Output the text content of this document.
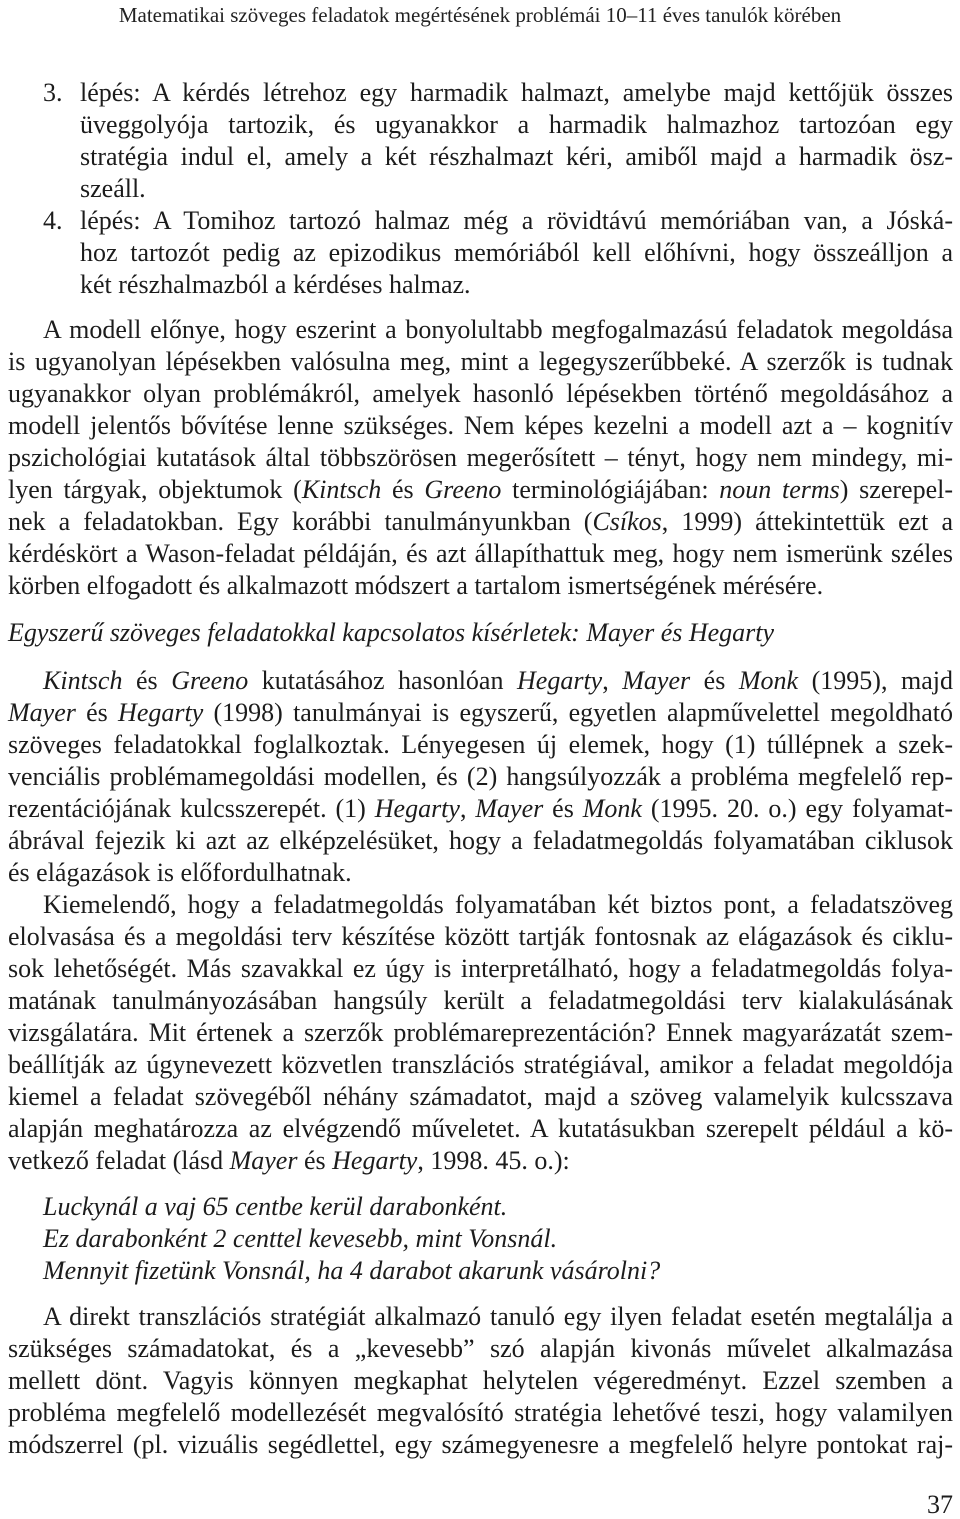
Matematikai szöveges feladatok megértésének problémái 10–11 éves tanulók körében
3. lépés: A kérdés létrehoz egy harmadik halmazt, amelybe majd kettőjük összes
üveggolyója tartozik, és ugyanakkor a harmadik halmazhoz tartozóan egy
stratégia indul el, amely a két részhalmazt kéri, amiből majd a harmadik ösz-
szeáll.
4. lépés: A Tomihoz tartozó halmaz még a rövidtávú memóriában van, a Jóská-
hoz tartozót pedig az epizodikus memóriából kell előhívni, hogy összeálljon a
két részhalmazból a kérdéses halmaz.
A modell előnye, hogy eszerint a bonyolultabb megfogalmazású feladatok megoldása
is ugyanolyan lépésekben valósulna meg, mint a legegyszerűbbeké. A szerzők is tudnak
ugyanakkor olyan problémákról, amelyek hasonló lépésekben történő megoldásához a
modell jelentős bővítése lenne szükséges. Nem képes kezelni a modell azt a – kognitív
pszichológiai kutatások által többszörösen megerősített – tényt, hogy nem mindegy, mi-
lyen tárgyak, objektumok (Kintsch és Greeno terminológiájában: noun terms) szerepel-
nek a feladatokban. Egy korábbi tanulmányunkban (Csíkos, 1999) áttekintettük ezt a
kérdéskört a Wason-feladat példáján, és azt állapíthattuk meg, hogy nem ismerünk széles
körben elfogadott és alkalmazott módszert a tartalom ismertségének mérésére.
Egyszerű szöveges feladatokkal kapcsolatos kísérletek: Mayer és Hegarty
Kintsch és Greeno kutatásához hasonlóan Hegarty, Mayer és Monk (1995), majd
Mayer és Hegarty (1998) tanulmányai is egyszerű, egyetlen alapművelettel megoldható
szöveges feladatokkal foglalkoztak. Lényegesen új elemek, hogy (1) túllépnek a szek-
venciális problémamegoldási modellen, és (2) hangsúlyozzák a probléma megfelelő rep-
rezentációjának kulcsszerepét. (1) Hegarty, Mayer és Monk (1995. 20. o.) egy folyamat-
ábrával fejezik ki azt az elképzelésüket, hogy a feladatmegoldás folyamatában ciklusok
és elágazások is előfordulhatnak.
Kiemelendő, hogy a feladatmegoldás folyamatában két biztos pont, a feladatszöveg
elolvasása és a megoldási terv készítése között tartják fontosnak az elágazások és ciklu-
sok lehetőségét. Más szavakkal ez úgy is interpretálható, hogy a feladatmegoldás folya-
matának tanulmányozásában hangsúly került a feladatmegoldási terv kialakulásának
vizsgálatára. Mit értenek a szerzők problémareprezentáción? Ennek magyarázatát szem-
beállítják az úgynevezett közvetlen transzlációs stratégiával, amikor a feladat megoldója
kiemel a feladat szövegéből néhány számadatot, majd a szöveg valamelyik kulcsszava
alapján meghatározza az elvégzendő műveletet. A kutatásukban szerepelt például a kö-
vetkező feladat (lásd Mayer és Hegarty, 1998. 45. o.):
Luckynál a vaj 65 centbe kerül darabonként.
Ez darabonként 2 centtel kevesebb, mint Vonsnál.
Mennyit fizetünk Vonsnál, ha 4 darabot akarunk vásárolni?
A direkt transzlációs stratégiát alkalmazó tanuló egy ilyen feladat esetén megtalálja a
szükséges számadatokat, és a „kevesebb” szó alapján kivonás művelet alkalmazása
mellett dönt. Vagyis könnyen megkaphat helytelen végeredményt. Ezzel szemben a
probléma megfelelő modellezését megvalósító stratégia lehetővé teszi, hogy valamilyen
módszerrel (pl. vizuális segédlettel, egy számegyenesre a megfelelő helyre pontokat raj-
37
